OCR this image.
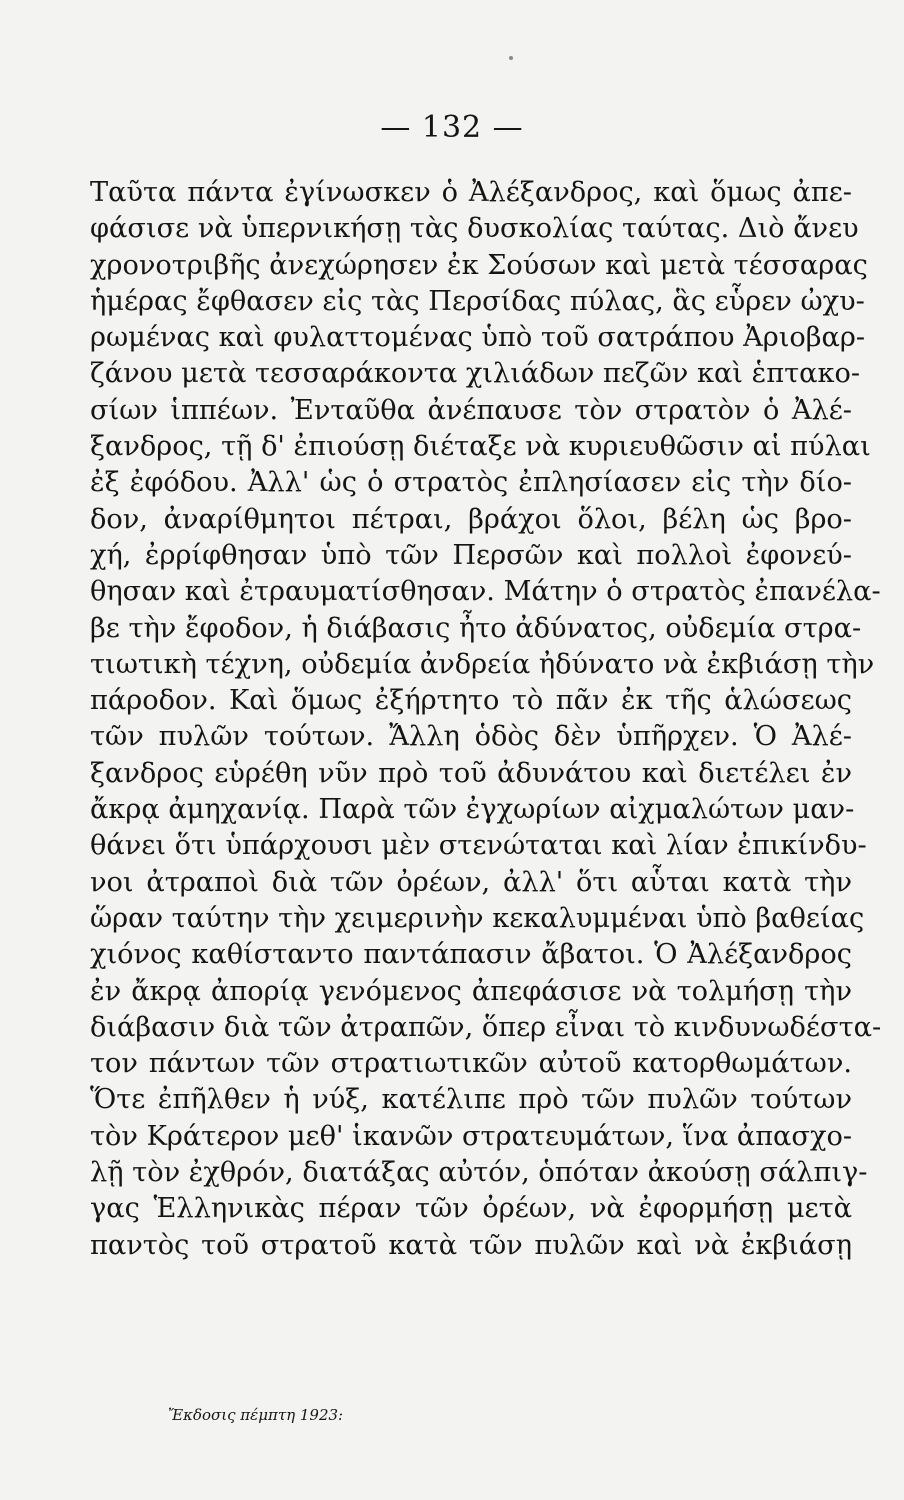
— 132 —
Ταῦτα πάντα ἐγίνωσκεν ὁ Ἀλέξανδρος, καὶ ὅμως ἀπε-
φάσισε νὰ ὑπερνικήσῃ τὰς δυσκολίας ταύτας. Διὸ ἄνευ
χρονοτριβῆς ἀνεχώρησεν ἐκ Σούσων καὶ μετὰ τέσσαρας
ἡμέρας ἔφθασεν εἰς τὰς Περσίδας πύλας, ἃς εὗρεν ὠχυ-
ρωμένας καὶ φυλαττομένας ὑπὸ τοῦ σατράπου Ἀριοβαρ-
ζάνου μετὰ τεσσαράκοντα χιλιάδων πεζῶν καὶ ἑπτακο-
σίων ἱππέων. Ἐνταῦθα ἀνέπαυσε τὸν στρατὸν ὁ Ἀλέ-
ξανδρος, τῇ δ' ἐπιούσῃ διέταξε νὰ κυριευθῶσιν αἱ πύλαι
ἐξ ἐφόδου. Ἀλλ' ὡς ὁ στρατὸς ἐπλησίασεν εἰς τὴν δίο-
δον, ἀναρίθμητοι πέτραι, βράχοι ὅλοι, βέλη ὡς βρο-
χή, ἐρρίφθησαν ὑπὸ τῶν Περσῶν καὶ πολλοὶ ἐφονεύ-
θησαν καὶ ἐτραυματίσθησαν. Μάτην ὁ στρατὸς ἐπανέλα-
βε τὴν ἔφοδον, ἡ διάβασις ἦτο ἀδύνατος, οὐδεμία στρα-
τιωτικὴ τέχνη, οὐδεμία ἀνδρεία ἠδύνατο νὰ ἐκβιάσῃ τὴν
πάροδον. Καὶ ὅμως ἐξήρτητο τὸ πᾶν ἐκ τῆς ἁλώσεως
τῶν πυλῶν τούτων. Ἄλλη ὁδὸς δὲν ὑπῆρχεν. Ὁ Ἀλέ-
ξανδρος εὑρέθη νῦν πρὸ τοῦ ἀδυνάτου καὶ διετέλει ἐν
ἄκρᾳ ἀμηχανίᾳ. Παρὰ τῶν ἐγχωρίων αἰχμαλώτων μαν-
θάνει ὅτι ὑπάρχουσι μὲν στενώταται καὶ λίαν ἐπικίνδυ-
νοι ἀτραποὶ διὰ τῶν ὀρέων, ἀλλ' ὅτι αὗται κατὰ τὴν
ὥραν ταύτην τὴν χειμερινὴν κεκαλυμμέναι ὑπὸ βαθείας
χιόνος καθίσταντο παντάπασιν ἄβατοι. Ὁ Ἀλέξανδρος
ἐν ἄκρᾳ ἀπορίᾳ γενόμενος ἀπεφάσισε νὰ τολμήσῃ τὴν
διάβασιν διὰ τῶν ἀτραπῶν, ὅπερ εἶναι τὸ κινδυνωδέστα-
τον πάντων τῶν στρατιωτικῶν αὐτοῦ κατορθωμάτων.
Ὅτε ἐπῆλθεν ἡ νύξ, κατέλιπε πρὸ τῶν πυλῶν τούτων
τὸν Κράτερον μεθ' ἱκανῶν στρατευμάτων, ἵνα ἀπασχο-
λῇ τὸν ἐχθρόν, διατάξας αὐτόν, ὁπόταν ἀκούσῃ σάλπιγ-
γας Ἑλληνικὰς πέραν τῶν ὀρέων, νὰ ἐφορμήσῃ μετὰ
παντὸς τοῦ στρατοῦ κατὰ τῶν πυλῶν καὶ νὰ ἐκβιάσῃ
Ἔκδοσις πέμπτη 1923:
